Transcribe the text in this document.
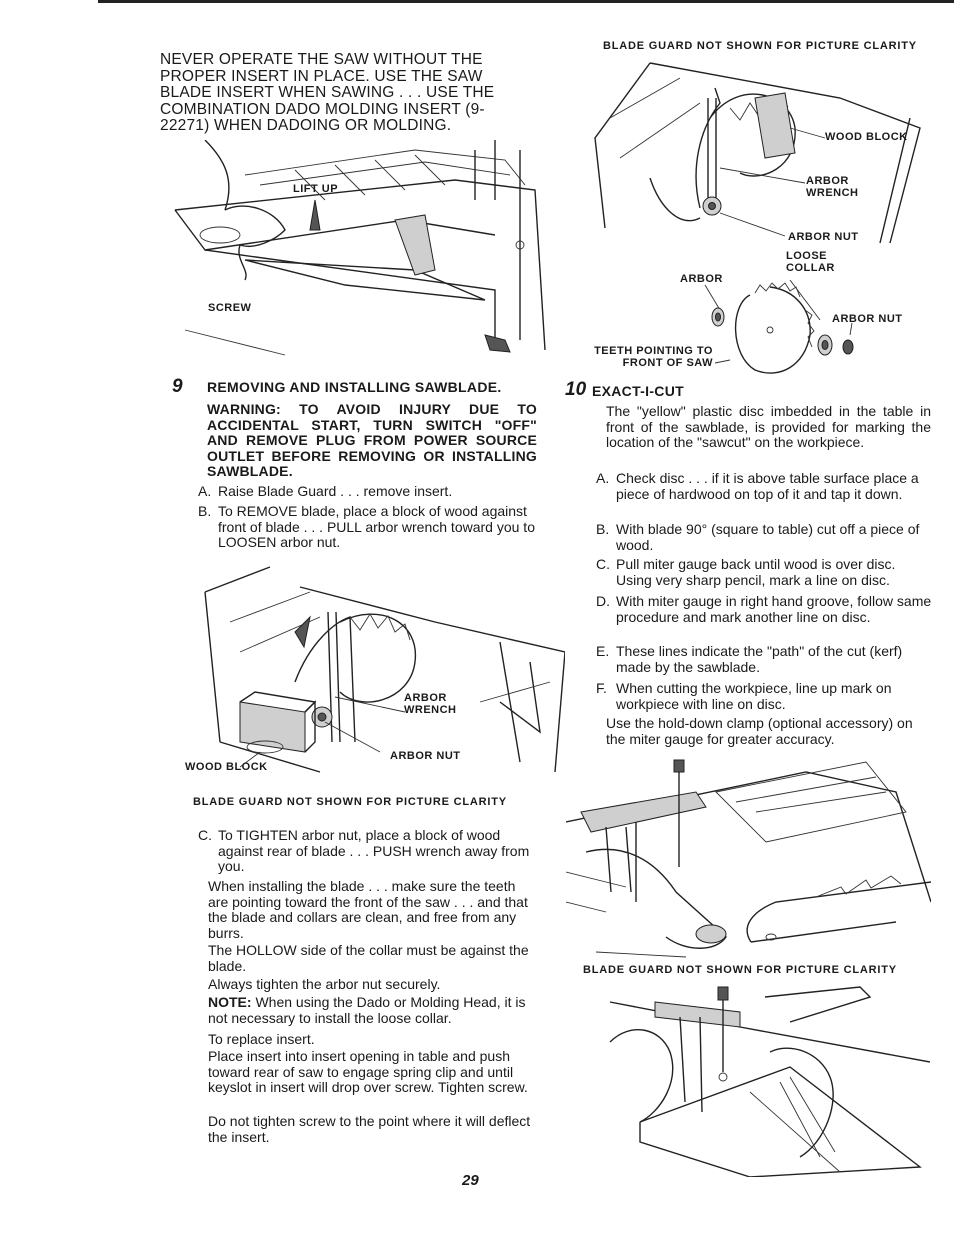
NEVER OPERATE THE SAW WITHOUT THE PROPER INSERT IN PLACE. USE THE SAW BLADE INSERT WHEN SAWING . . . USE THE COMBINATION DADO MOLDING INSERT (9-22271) WHEN DADOING OR MOLDING.
LIFT UP
SCREW
9 REMOVING AND INSTALLING SAWBLADE.
WARNING: TO AVOID INJURY DUE TO ACCIDENTAL START, TURN SWITCH "OFF" AND REMOVE PLUG FROM POWER SOURCE OUTLET BEFORE REMOVING OR INSTALLING SAWBLADE.
A. Raise Blade Guard . . . remove insert.
B. To REMOVE blade, place a block of wood against front of blade . . . PULL arbor wrench toward you to LOOSEN arbor nut.
ARBOR
WRENCH
ARBOR NUT
WOOD BLOCK
BLADE GUARD NOT SHOWN FOR PICTURE CLARITY
C. To TIGHTEN arbor nut, place a block of wood against rear of blade . . . PUSH wrench away from you.
When installing the blade . . . make sure the teeth are pointing toward the front of the saw . . . and that the blade and collars are clean, and free from any burrs.
The HOLLOW side of the collar must be against the blade.
Always tighten the arbor nut securely.
NOTE: When using the Dado or Molding Head, it is not necessary to install the loose collar.
To replace insert.
Place insert into insert opening in table and push toward rear of saw to engage spring clip and until keyslot in insert will drop over screw. Tighten screw.
Do not tighten screw to the point where it will deflect the insert.
BLADE GUARD NOT SHOWN FOR PICTURE CLARITY
WOOD BLOCK
ARBOR
WRENCH
ARBOR NUT
LOOSE
COLLAR
ARBOR
ARBOR NUT
TEETH POINTING TO
FRONT OF SAW
10 EXACT-I-CUT
The "yellow" plastic disc imbedded in the table in front of the sawblade, is provided for marking the location of the "sawcut" on the workpiece.
A. Check disc . . . if it is above table surface place a piece of hardwood on top of it and tap it down.
B. With blade 90° (square to table) cut off a piece of wood.
C. Pull miter gauge back until wood is over disc. Using very sharp pencil, mark a line on disc.
D. With miter gauge in right hand groove, follow same procedure and mark another line on disc.
E. These lines indicate the "path" of the cut (kerf) made by the sawblade.
F. When cutting the workpiece, line up mark on workpiece with line on disc.
Use the hold-down clamp (optional accessory) on the miter gauge for greater accuracy.
BLADE GUARD NOT SHOWN FOR PICTURE CLARITY
29
